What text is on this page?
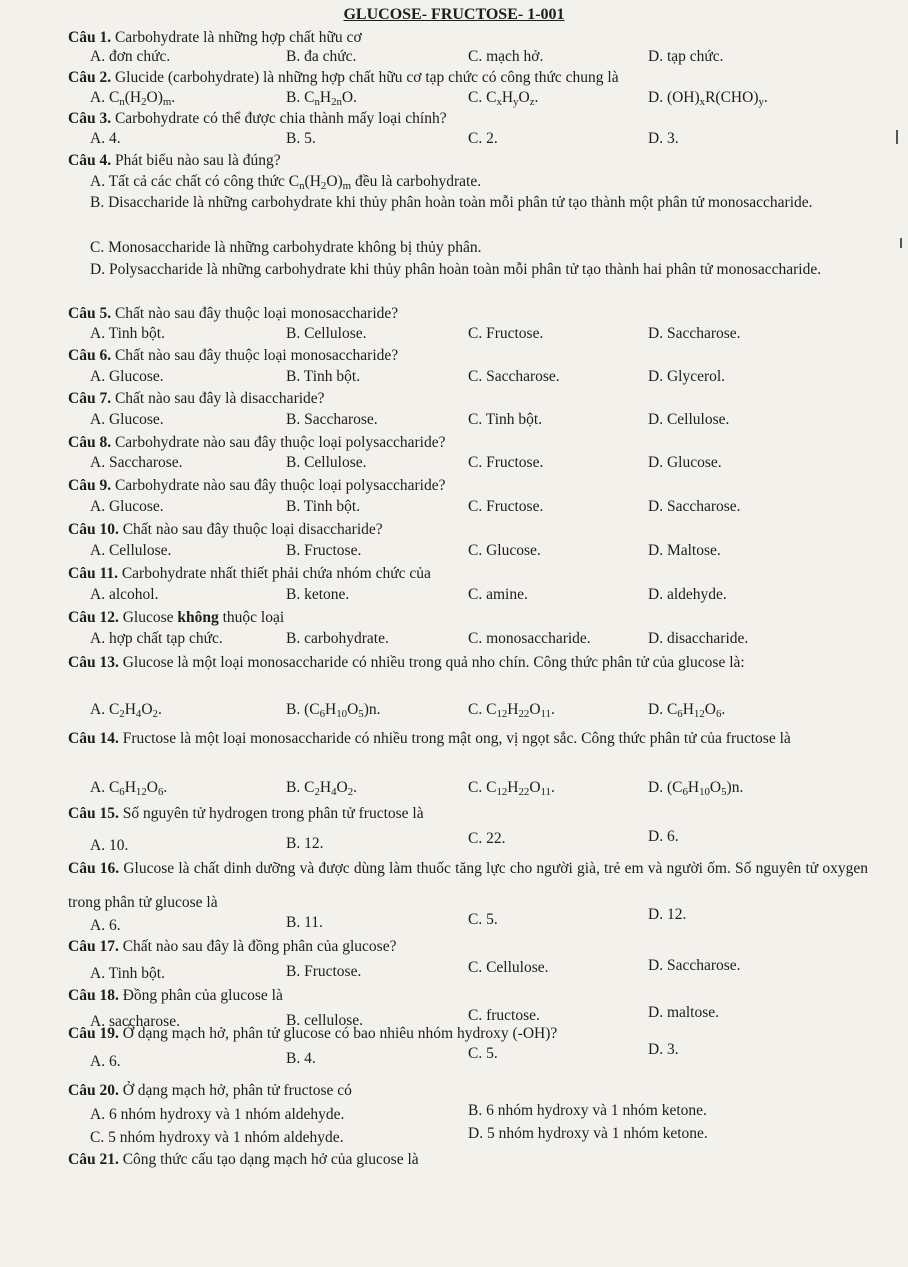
GLUCOSE- FRUCTOSE- 1-001
Câu 1. Carbohydrate là những hợp chất hữu cơ
A. đơn chức.	B. đa chức.	C. mạch hở.	D. tạp chức.
Câu 2. Glucide (carbohydrate) là những hợp chất hữu cơ tạp chức có công thức chung là
A. $C_n(H_2O)_m$.	B. $C_nH_{2n}O$.	C. $C_xH_yO_z$.	D. $(OH)_xR(CHO)_y$.
Câu 3. Carbohydrate có thể được chia thành mấy loại chính?
A. 4.	B. 5.	C. 2.	D. 3.
Câu 4. Phát biểu nào sau là đúng?
A. Tất cả các chất có công thức $C_n(H_2O)_m$ đều là carbohydrate.
B. Disaccharide là những carbohydrate khi thủy phân hoàn toàn mỗi phân tử tạo thành một phân tử monosaccharide.
C. Monosaccharide là những carbohydrate không bị thủy phân.
D. Polysaccharide là những carbohydrate khi thủy phân hoàn toàn mỗi phân tử tạo thành hai phân tử monosaccharide.
Câu 5. Chất nào sau đây thuộc loại monosaccharide?
A. Tinh bột.	B. Cellulose.	C. Fructose.	D. Saccharose.
Câu 6. Chất nào sau đây thuộc loại monosaccharide?
A. Glucose.	B. Tinh bột.	C. Saccharose.	D. Glycerol.
Câu 7. Chất nào sau đây là disaccharide?
A. Glucose.	B. Saccharose.	C. Tinh bột.	D. Cellulose.
Câu 8. Carbohydrate nào sau đây thuộc loại polysaccharide?
A. Saccharose.	B. Cellulose.	C. Fructose.	D. Glucose.
Câu 9. Carbohydrate nào sau đây thuộc loại polysaccharide?
A. Glucose.	B. Tinh bột.	C. Fructose.	D. Saccharose.
Câu 10. Chất nào sau đây thuộc loại disaccharide?
A. Cellulose.	B. Fructose.	C. Glucose.	D. Maltose.
Câu 11. Carbohydrate nhất thiết phải chứa nhóm chức của
A. alcohol.	B. ketone.	C. amine.	D. aldehyde.
Câu 12. Glucose không thuộc loại
A. hợp chất tạp chức.	B. carbohydrate.	C. monosaccharide.	D. disaccharide.
Câu 13. Glucose là một loại monosaccharide có nhiều trong quả nho chín. Công thức phân tử của glucose là:
A. $C_2H_4O_2$.	B. $(C_6H_{10}O_5)n$.	C. $C_{12}H_{22}O_{11}$.	D. $C_6H_{12}O_6$.
Câu 14. Fructose là một loại monosaccharide có nhiều trong mật ong, vị ngọt sắc. Công thức phân tử của fructose là
A. $C_6H_{12}O_6$.	B. $C_2H_4O_2$.	C. $C_{12}H_{22}O_{11}$.	D. $(C_6H_{10}O_5)n$.
Câu 15. Số nguyên tử hydrogen trong phân tử fructose là
A. 10.	B. 12.	C. 22.	D. 6.
Câu 16. Glucose là chất dinh dưỡng và được dùng làm thuốc tăng lực cho người già, trẻ em và người ốm. Số nguyên tử oxygen trong phân tử glucose là
A. 6.	B. 11.	C. 5.	D. 12.
Câu 17. Chất nào sau đây là đồng phân của glucose?
A. Tinh bột.	B. Fructose.	C. Cellulose.	D. Saccharose.
Câu 18. Đồng phân của glucose là
A. saccharose.	B. cellulose.	C. fructose.	D. maltose.
Câu 19. Ở dạng mạch hở, phân tử glucose có bao nhiêu nhóm hydroxy (-OH)?
A. 6.	B. 4.	C. 5.	D. 3.
Câu 20. Ở dạng mạch hở, phân tử fructose có
A. 6 nhóm hydroxy và 1 nhóm aldehyde.	B. 6 nhóm hydroxy và 1 nhóm ketone.
C. 5 nhóm hydroxy và 1 nhóm aldehyde.	D. 5 nhóm hydroxy và 1 nhóm ketone.
Câu 21. Công thức cấu tạo dạng mạch hở của glucose là
